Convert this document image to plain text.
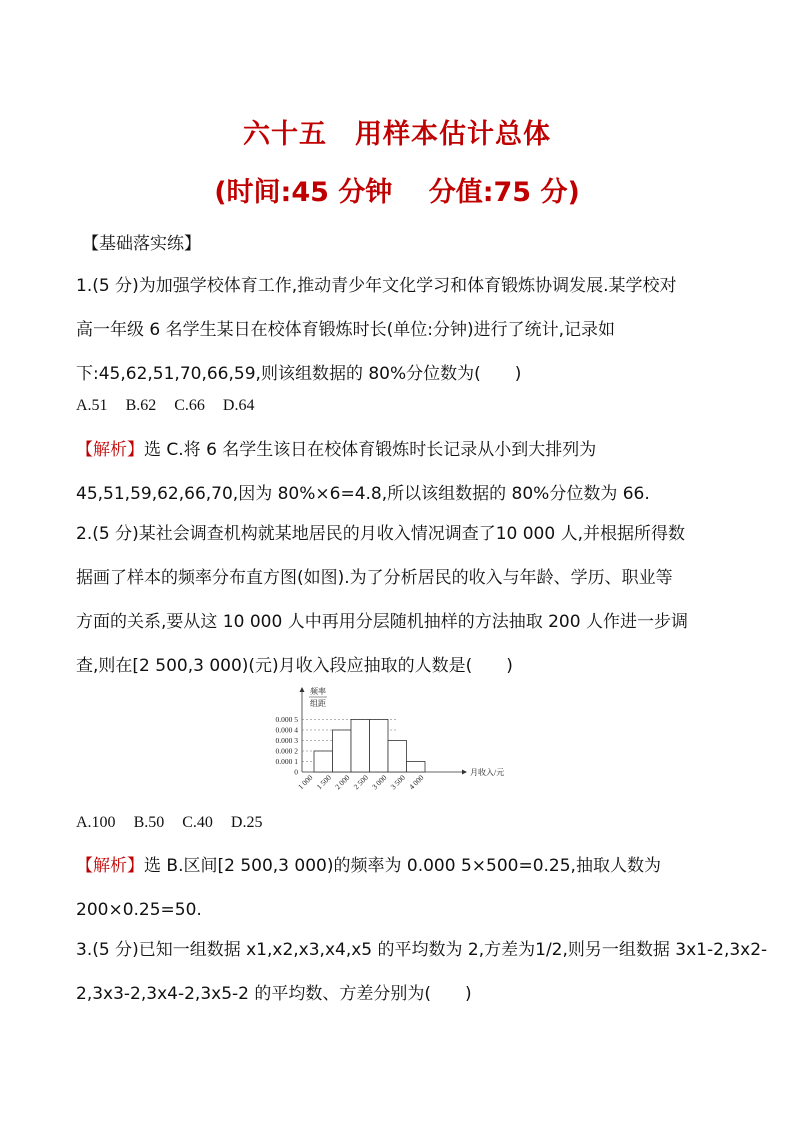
六十五　用样本估计总体
(时间:45 分钟　 分值:75 分)
【基础落实练】
1.(5 分)为加强学校体育工作,推动青少年文化学习和体育锻炼协调发展.某学校对
高一年级 6 名学生某日在校体育锻炼时长(单位:分钟)进行了统计,记录如
下:45,62,51,70,66,59,则该组数据的 80%分位数为(　　)
A.51 B.62 C.66 D.64
【解析】选 C.将 6 名学生该日在校体育锻炼时长记录从小到大排列为
45,51,59,62,66,70,因为 80%×6=4.8,所以该组数据的 80%分位数为 66.
2.(5 分)某社会调查机构就某地居民的月收入情况调查了10 000 人,并根据所得数
据画了样本的频率分布直方图(如图).为了分析居民的收入与年龄、学历、职业等
方面的关系,要从这 10 000 人中再用分层随机抽样的方法抽取 200 人作进一步调
查,则在[2 500,3 000)(元)月收入段应抽取的人数是(　　)
0.000 5
0.000 4
0.000 3
0.000 2
0.000 1
0
频率
组距
1 000 1 500 2 000 2 500 3 000 3 500 4 000
月收入/元
A.100 B.50 C.40 D.25
【解析】选 B.区间[2 500,3 000)的频率为 0.000 5×500=0.25,抽取人数为
200×0.25=50.
3.(5 分)已知一组数据 x1,x2,x3,x4,x5 的平均数为 2,方差为1/2,则另一组数据 3x1-2,3x2-
2,3x3-2,3x4-2,3x5-2 的平均数、方差分别为(　　)
